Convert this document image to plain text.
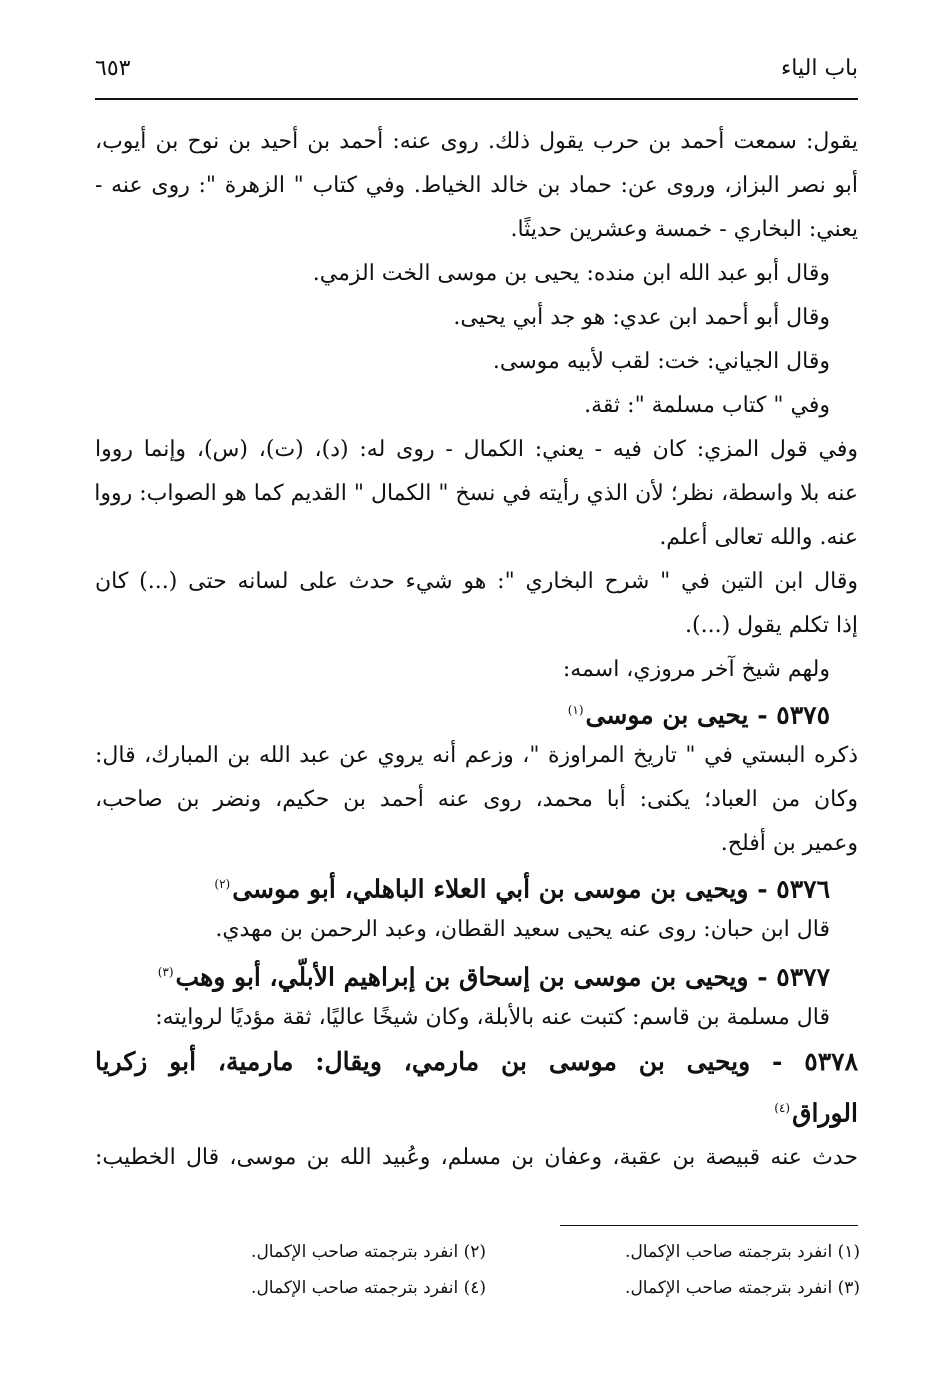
باب الياء
٦٥٣
يقول: سمعت أحمد بن حرب يقول ذلك. روى عنه: أحمد بن أحيد بن نوح بن أيوب،
أبو نصر البزاز، وروى عن: حماد بن خالد الخياط. وفي كتاب " الزهرة ": روى عنه -
يعني: البخاري - خمسة وعشرين حديثًا.
وقال أبو عبد الله ابن منده: يحيى بن موسى الخت الزمي.
وقال أبو أحمد ابن عدي: هو جد أبي يحيى.
وقال الجياني: خت: لقب لأبيه موسى.
وفي " كتاب مسلمة ": ثقة.
وفي قول المزي: كان فيه - يعني: الكمال - روى له: (د)، (ت)، (س)، وإنما رووا
عنه بلا واسطة، نظر؛ لأن الذي رأيته في نسخ " الكمال " القديم كما هو الصواب: رووا
عنه. والله تعالى أعلم.
وقال ابن التين في " شرح البخاري ": هو شيء حدث على لسانه حتى (...) كان
إذا تكلم يقول (...).
ولهم شيخ آخر مروزي، اسمه:
٥٣٧٥ - يحيى بن موسى$^{(١)}$
ذكره البستي في " تاريخ المراوزة "، وزعم أنه يروي عن عبد الله بن المبارك، قال:
وكان من العباد؛ يكنى: أبا محمد، روى عنه أحمد بن حكيم، ونضر بن صاحب،
وعمير بن أفلح.
٥٣٧٦ - ويحيى بن موسى بن أبي العلاء الباهلي، أبو موسى$^{(٢)}$
قال ابن حبان: روى عنه يحيى سعيد القطان، وعبد الرحمن بن مهدي.
٥٣٧٧ - ويحيى بن موسى بن إسحاق بن إبراهيم الأبلّي، أبو وهب$^{(٣)}$
قال مسلمة بن قاسم: كتبت عنه بالأبلة، وكان شيخًا عاليًا، ثقة مؤديًا لروايته:
٥٣٧٨ - ويحيى بن موسى بن مارمي، ويقال: مارمية، أبو زكريا
الوراق$^{(٤)}$
حدث عنه قبيصة بن عقبة، وعفان بن مسلم، وعُبيد الله بن موسى، قال الخطيب:
(١) انفرد بترجمته صاحب الإكمال.
(٢) انفرد بترجمته صاحب الإكمال.
(٣) انفرد بترجمته صاحب الإكمال.
(٤) انفرد بترجمته صاحب الإكمال.
